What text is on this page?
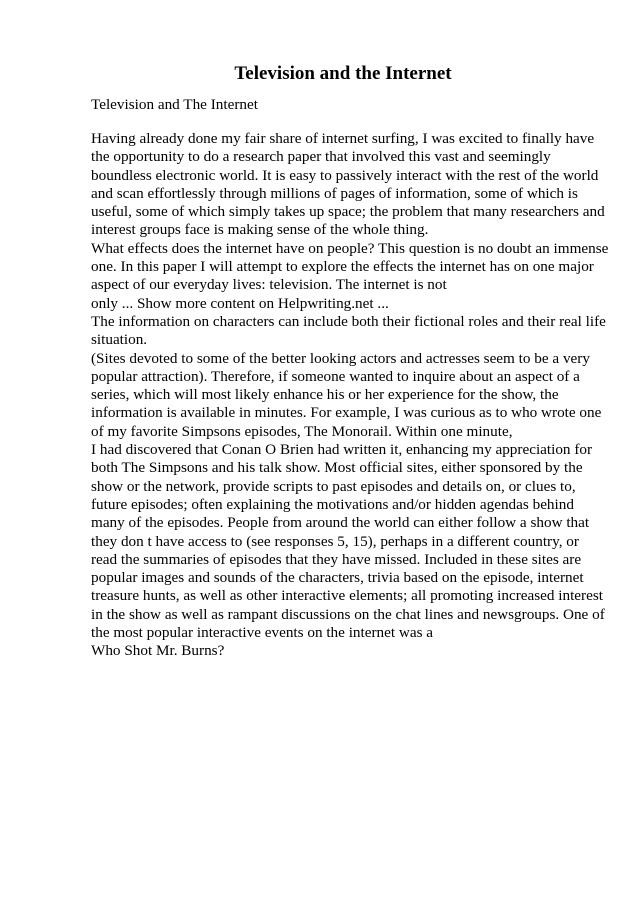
Television and the Internet

Television and The Internet

Having already done my fair share of internet surfing, I was excited to finally have
the opportunity to do a research paper that involved this vast and seemingly
boundless electronic world. It is easy to passively interact with the rest of the world
and scan effortlessly through millions of pages of information, some of which is
useful, some of which simply takes up space; the problem that many researchers and
interest groups face is making sense of the whole thing.
What effects does the internet have on people? This question is no doubt an immense
one. In this paper I will attempt to explore the effects the internet has on one major
aspect of our everyday lives: television. The internet is not
only ... Show more content on Helpwriting.net ...
The information on characters can include both their fictional roles and their real life
situation.
(Sites devoted to some of the better looking actors and actresses seem to be a very
popular attraction). Therefore, if someone wanted to inquire about an aspect of a
series, which will most likely enhance his or her experience for the show, the
information is available in minutes. For example, I was curious as to who wrote one
of my favorite Simpsons episodes, The Monorail. Within one minute,
I had discovered that Conan O Brien had written it, enhancing my appreciation for
both The Simpsons and his talk show. Most official sites, either sponsored by the
show or the network, provide scripts to past episodes and details on, or clues to,
future episodes; often explaining the motivations and/or hidden agendas behind
many of the episodes. People from around the world can either follow a show that
they don t have access to (see responses 5, 15), perhaps in a different country, or
read the summaries of episodes that they have missed. Included in these sites are
popular images and sounds of the characters, trivia based on the episode, internet
treasure hunts, as well as other interactive elements; all promoting increased interest
in the show as well as rampant discussions on the chat lines and newsgroups. One of
the most popular interactive events on the internet was a
Who Shot Mr. Burns?
